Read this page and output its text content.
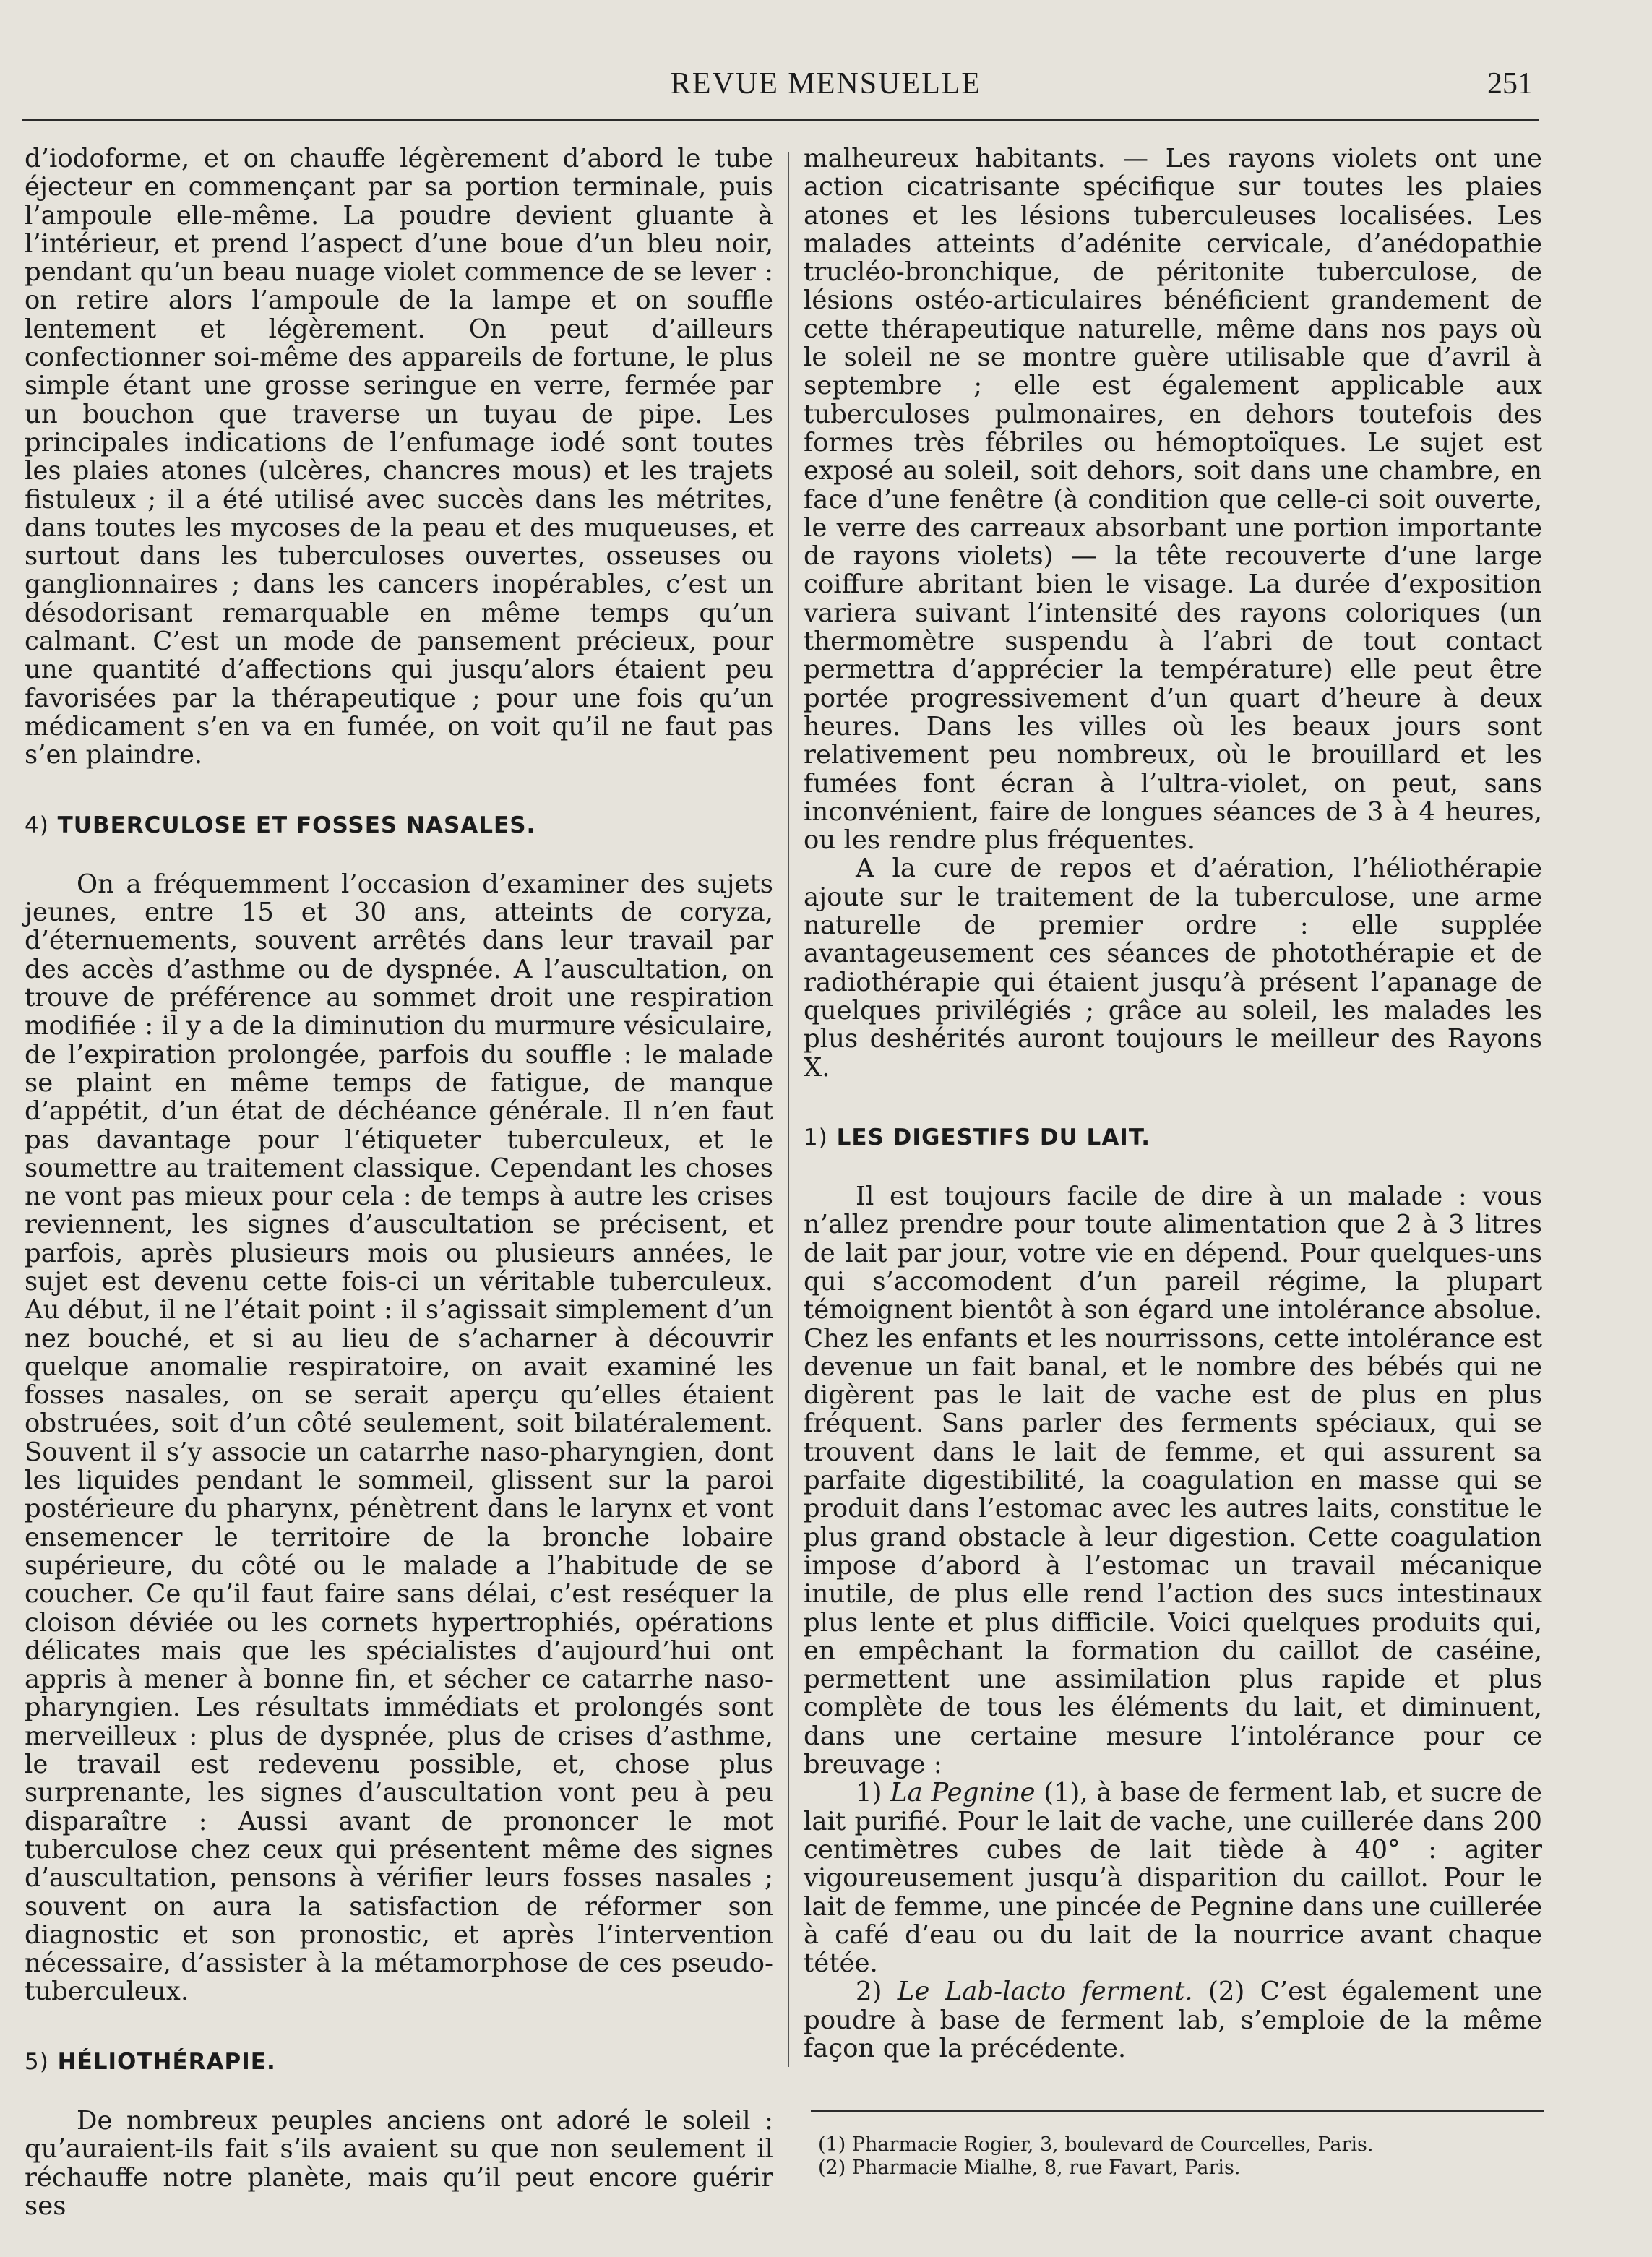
REVUE MENSUELLE	251

d’iodoforme, et on chauffe légèrement d’abord le tube éjecteur en commençant par sa portion terminale, puis l’ampoule elle-même. La poudre devient gluante à l’intérieur, et prend l’aspect d’une boue d’un bleu noir, pendant qu’un beau nuage violet commence de se lever : on retire alors l’ampoule de la lampe et on souffle lentement et légèrement. On peut d’ailleurs confectionner soi-même des appareils de fortune, le plus simple étant une grosse seringue en verre, fermée par un bouchon que traverse un tuyau de pipe. Les principales indications de l’enfumage iodé sont toutes les plaies atones (ulcères, chancres mous) et les trajets fistuleux ; il a été utilisé avec succès dans les métrites, dans toutes les mycoses de la peau et des muqueuses, et surtout dans les tuberculoses ouvertes, osseuses ou ganglionnaires ; dans les cancers inopérables, c’est un désodorisant remarquable en même temps qu’un calmant. C’est un mode de pansement précieux, pour une quantité d’affections qui jusqu’alors étaient peu favorisées par la thérapeutique ; pour une fois qu’un médicament s’en va en fumée, on voit qu’il ne faut pas s’en plaindre.

4) TUBERCULOSE ET FOSSES NASALES.

On a fréquemment l’occasion d’examiner des sujets jeunes, entre 15 et 30 ans, atteints de coryza, d’éternuements, souvent arrêtés dans leur travail par des accès d’asthme ou de dyspnée. A l’auscultation, on trouve de préférence au sommet droit une respiration modifiée : il y a de la diminution du murmure vésiculaire, de l’expiration prolongée, parfois du souffle : le malade se plaint en même temps de fatigue, de manque d’appétit, d’un état de déchéance générale. Il n’en faut pas davantage pour l’étiqueter tuberculeux, et le soumettre au traitement classique. Cependant les choses ne vont pas mieux pour cela : de temps à autre les crises reviennent, les signes d’auscultation se précisent, et parfois, après plusieurs mois ou plusieurs années, le sujet est devenu cette fois-ci un véritable tuberculeux. Au début, il ne l’était point : il s’agissait simplement d’un nez bouché, et si au lieu de s’acharner à découvrir quelque anomalie respiratoire, on avait examiné les fosses nasales, on se serait aperçu qu’elles étaient obstruées, soit d’un côté seulement, soit bilatéralement. Souvent il s’y associe un catarrhe naso-pharyngien, dont les liquides pendant le sommeil, glissent sur la paroi postérieure du pharynx, pénètrent dans le larynx et vont ensemencer le territoire de la bronche lobaire supérieure, du côté ou le malade a l’habitude de se coucher. Ce qu’il faut faire sans délai, c’est reséquer la cloison déviée ou les cornets hypertrophiés, opérations délicates mais que les spécialistes d’aujourd’hui ont appris à mener à bonne fin, et sécher ce catarrhe naso-pharyngien. Les résultats immédiats et prolongés sont merveilleux : plus de dyspnée, plus de crises d’asthme, le travail est redevenu possible, et, chose plus surprenante, les signes d’auscultation vont peu à peu disparaître : Aussi avant de prononcer le mot tuberculose chez ceux qui présentent même des signes d’auscultation, pensons à vérifier leurs fosses nasales ; souvent on aura la satisfaction de réformer son diagnostic et son pronostic, et après l’intervention nécessaire, d’assister à la métamorphose de ces pseudo-tuberculeux.

5) HÉLIOTHÉRAPIE.

De nombreux peuples anciens ont adoré le soleil : qu’auraient-ils fait s’ils avaient su que non seulement il réchauffe notre planète, mais qu’il peut encore guérir ses

malheureux habitants. — Les rayons violets ont une action cicatrisante spécifique sur toutes les plaies atones et les lésions tuberculeuses localisées. Les malades atteints d’adénite cervicale, d’anédopathie trucléo-bronchique, de péritonite tuberculose, de lésions ostéo-articulaires bénéficient grandement de cette thérapeutique naturelle, même dans nos pays où le soleil ne se montre guère utilisable que d’avril à septembre ; elle est également applicable aux tuberculoses pulmonaires, en dehors toutefois des formes très fébriles ou hémoptoïques. Le sujet est exposé au soleil, soit dehors, soit dans une chambre, en face d’une fenêtre (à condition que celle-ci soit ouverte, le verre des carreaux absorbant une portion importante de rayons violets) — la tête recouverte d’une large coiffure abritant bien le visage. La durée d’exposition variera suivant l’intensité des rayons coloriques (un thermomètre suspendu à l’abri de tout contact permettra d’apprécier la température) elle peut être portée progressivement d’un quart d’heure à deux heures. Dans les villes où les beaux jours sont relativement peu nombreux, où le brouillard et les fumées font écran à l’ultra-violet, on peut, sans inconvénient, faire de longues séances de 3 à 4 heures, ou les rendre plus fréquentes.

A la cure de repos et d’aération, l’héliothérapie ajoute sur le traitement de la tuberculose, une arme naturelle de premier ordre : elle supplée avantageusement ces séances de photothérapie et de radiothérapie qui étaient jusqu’à présent l’apanage de quelques privilégiés ; grâce au soleil, les malades les plus deshérités auront toujours le meilleur des Rayons X.

1) LES DIGESTIFS DU LAIT.

Il est toujours facile de dire à un malade : vous n’allez prendre pour toute alimentation que 2 à 3 litres de lait par jour, votre vie en dépend. Pour quelques-uns qui s’accomodent d’un pareil régime, la plupart témoignent bientôt à son égard une intolérance absolue. Chez les enfants et les nourrissons, cette intolérance est devenue un fait banal, et le nombre des bébés qui ne digèrent pas le lait de vache est de plus en plus fréquent. Sans parler des ferments spéciaux, qui se trouvent dans le lait de femme, et qui assurent sa parfaite digestibilité, la coagulation en masse qui se produit dans l’estomac avec les autres laits, constitue le plus grand obstacle à leur digestion. Cette coagulation impose d’abord à l’estomac un travail mécanique inutile, de plus elle rend l’action des sucs intestinaux plus lente et plus difficile. Voici quelques produits qui, en empêchant la formation du caillot de caséine, permettent une assimilation plus rapide et plus complète de tous les éléments du lait, et diminuent, dans une certaine mesure l’intolérance pour ce breuvage :

1) La Pegnine (1), à base de ferment lab, et sucre de lait purifié. Pour le lait de vache, une cuillerée dans 200 centimètres cubes de lait tiède à 40° : agiter vigoureusement jusqu’à disparition du caillot. Pour le lait de femme, une pincée de Pegnine dans une cuillerée à café d’eau ou du lait de la nourrice avant chaque tétée.

2) Le Lab-lacto ferment. (2) C’est également une poudre à base de ferment lab, s’emploie de la même façon que la précédente.

(1) Pharmacie Rogier, 3, boulevard de Courcelles, Paris.
(2) Pharmacie Mialhe, 8, rue Favart, Paris.
